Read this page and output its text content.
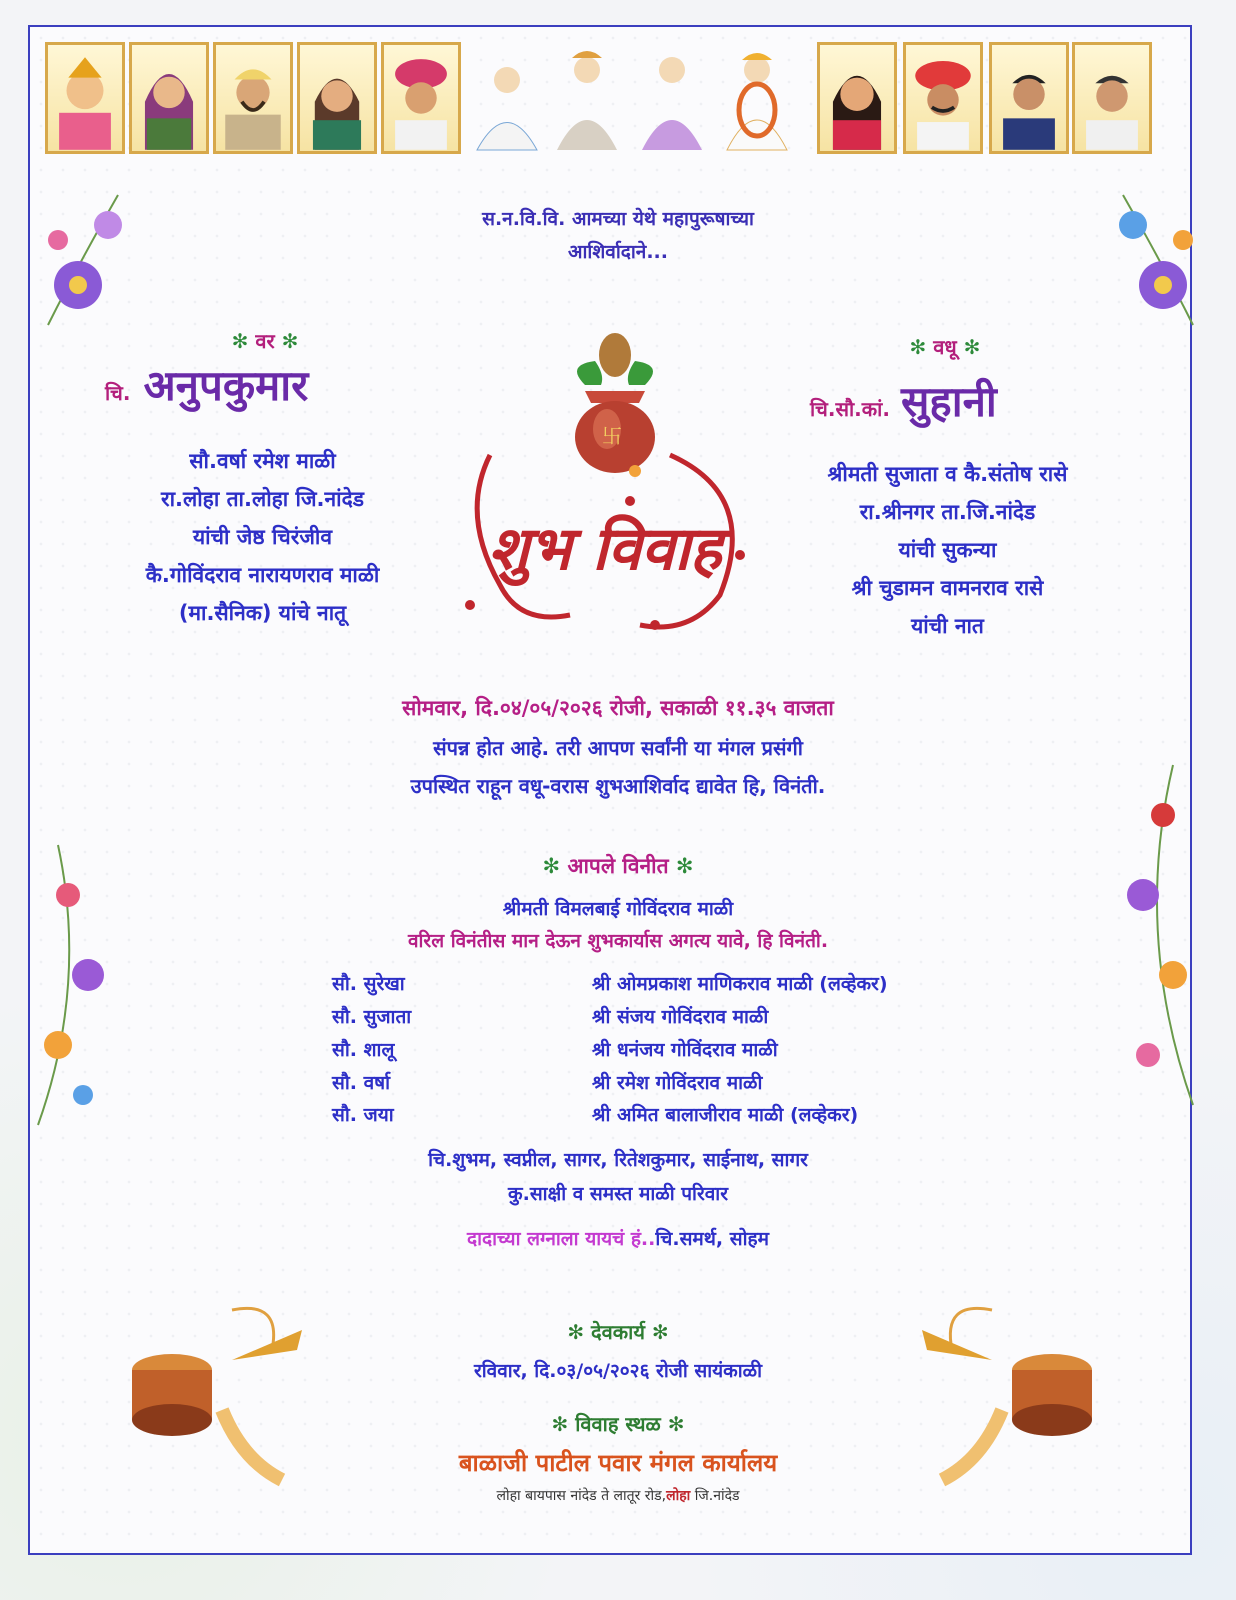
स.न.वि.वि. आमच्या येथे महापुरूषाच्या
आशिर्वादाने...
✻ वर ✻
चि. अनुपकुमार
सौ.वर्षा रमेश माळी
रा.लोहा ता.लोहा जि.नांदेड
यांची जेष्ठ चिरंजीव
कै.गोविंदराव नारायणराव माळी
(मा.सैनिक) यांचे नातू
✻ वधू ✻
चि.सौ.कां. सुहानी
श्रीमती सुजाता व कै.संतोष रासे
रा.श्रीनगर ता.जि.नांदेड
यांची सुकन्या
श्री चुडामन वामनराव रासे
यांची नात
卐
शुभ विवाह
सोमवार, दि.०४/०५/२०२६ रोजी, सकाळी ११.३५ वाजता
संपन्न होत आहे. तरी आपण सर्वांनी या मंगल प्रसंगी
उपस्थित राहून वधू-वरास शुभआशिर्वाद द्यावेत हि, विनंती.
✻ आपले विनीत ✻
श्रीमती विमलबाई गोविंदराव माळी
वरिल विनंतीस मान देऊन शुभकार्यास अगत्य यावे, हि विनंती.
सौ. सुरेखा	श्री ओमप्रकाश माणिकराव माळी (लव्हेकर)
सौ. सुजाता	श्री संजय गोविंदराव माळी
सौ. शालू	श्री धनंजय गोविंदराव माळी
सौ. वर्षा	श्री रमेश गोविंदराव माळी
सौ. जया	श्री अमित बालाजीराव माळी (लव्हेकर)
चि.शुभम, स्वप्नील, सागर, रितेशकुमार, साईनाथ, सागर
कु.साक्षी व समस्त माळी परिवार
दादाच्या लग्नाला यायचं हं..चि.समर्थ, सोहम
✻ देवकार्य ✻
रविवार, दि.०३/०५/२०२६ रोजी सायंकाळी
✻ विवाह स्थळ ✻
बाळाजी पाटील पवार मंगल कार्यालय
लोहा बायपास नांदेड ते लातूर रोड,लोहा जि.नांदेड
